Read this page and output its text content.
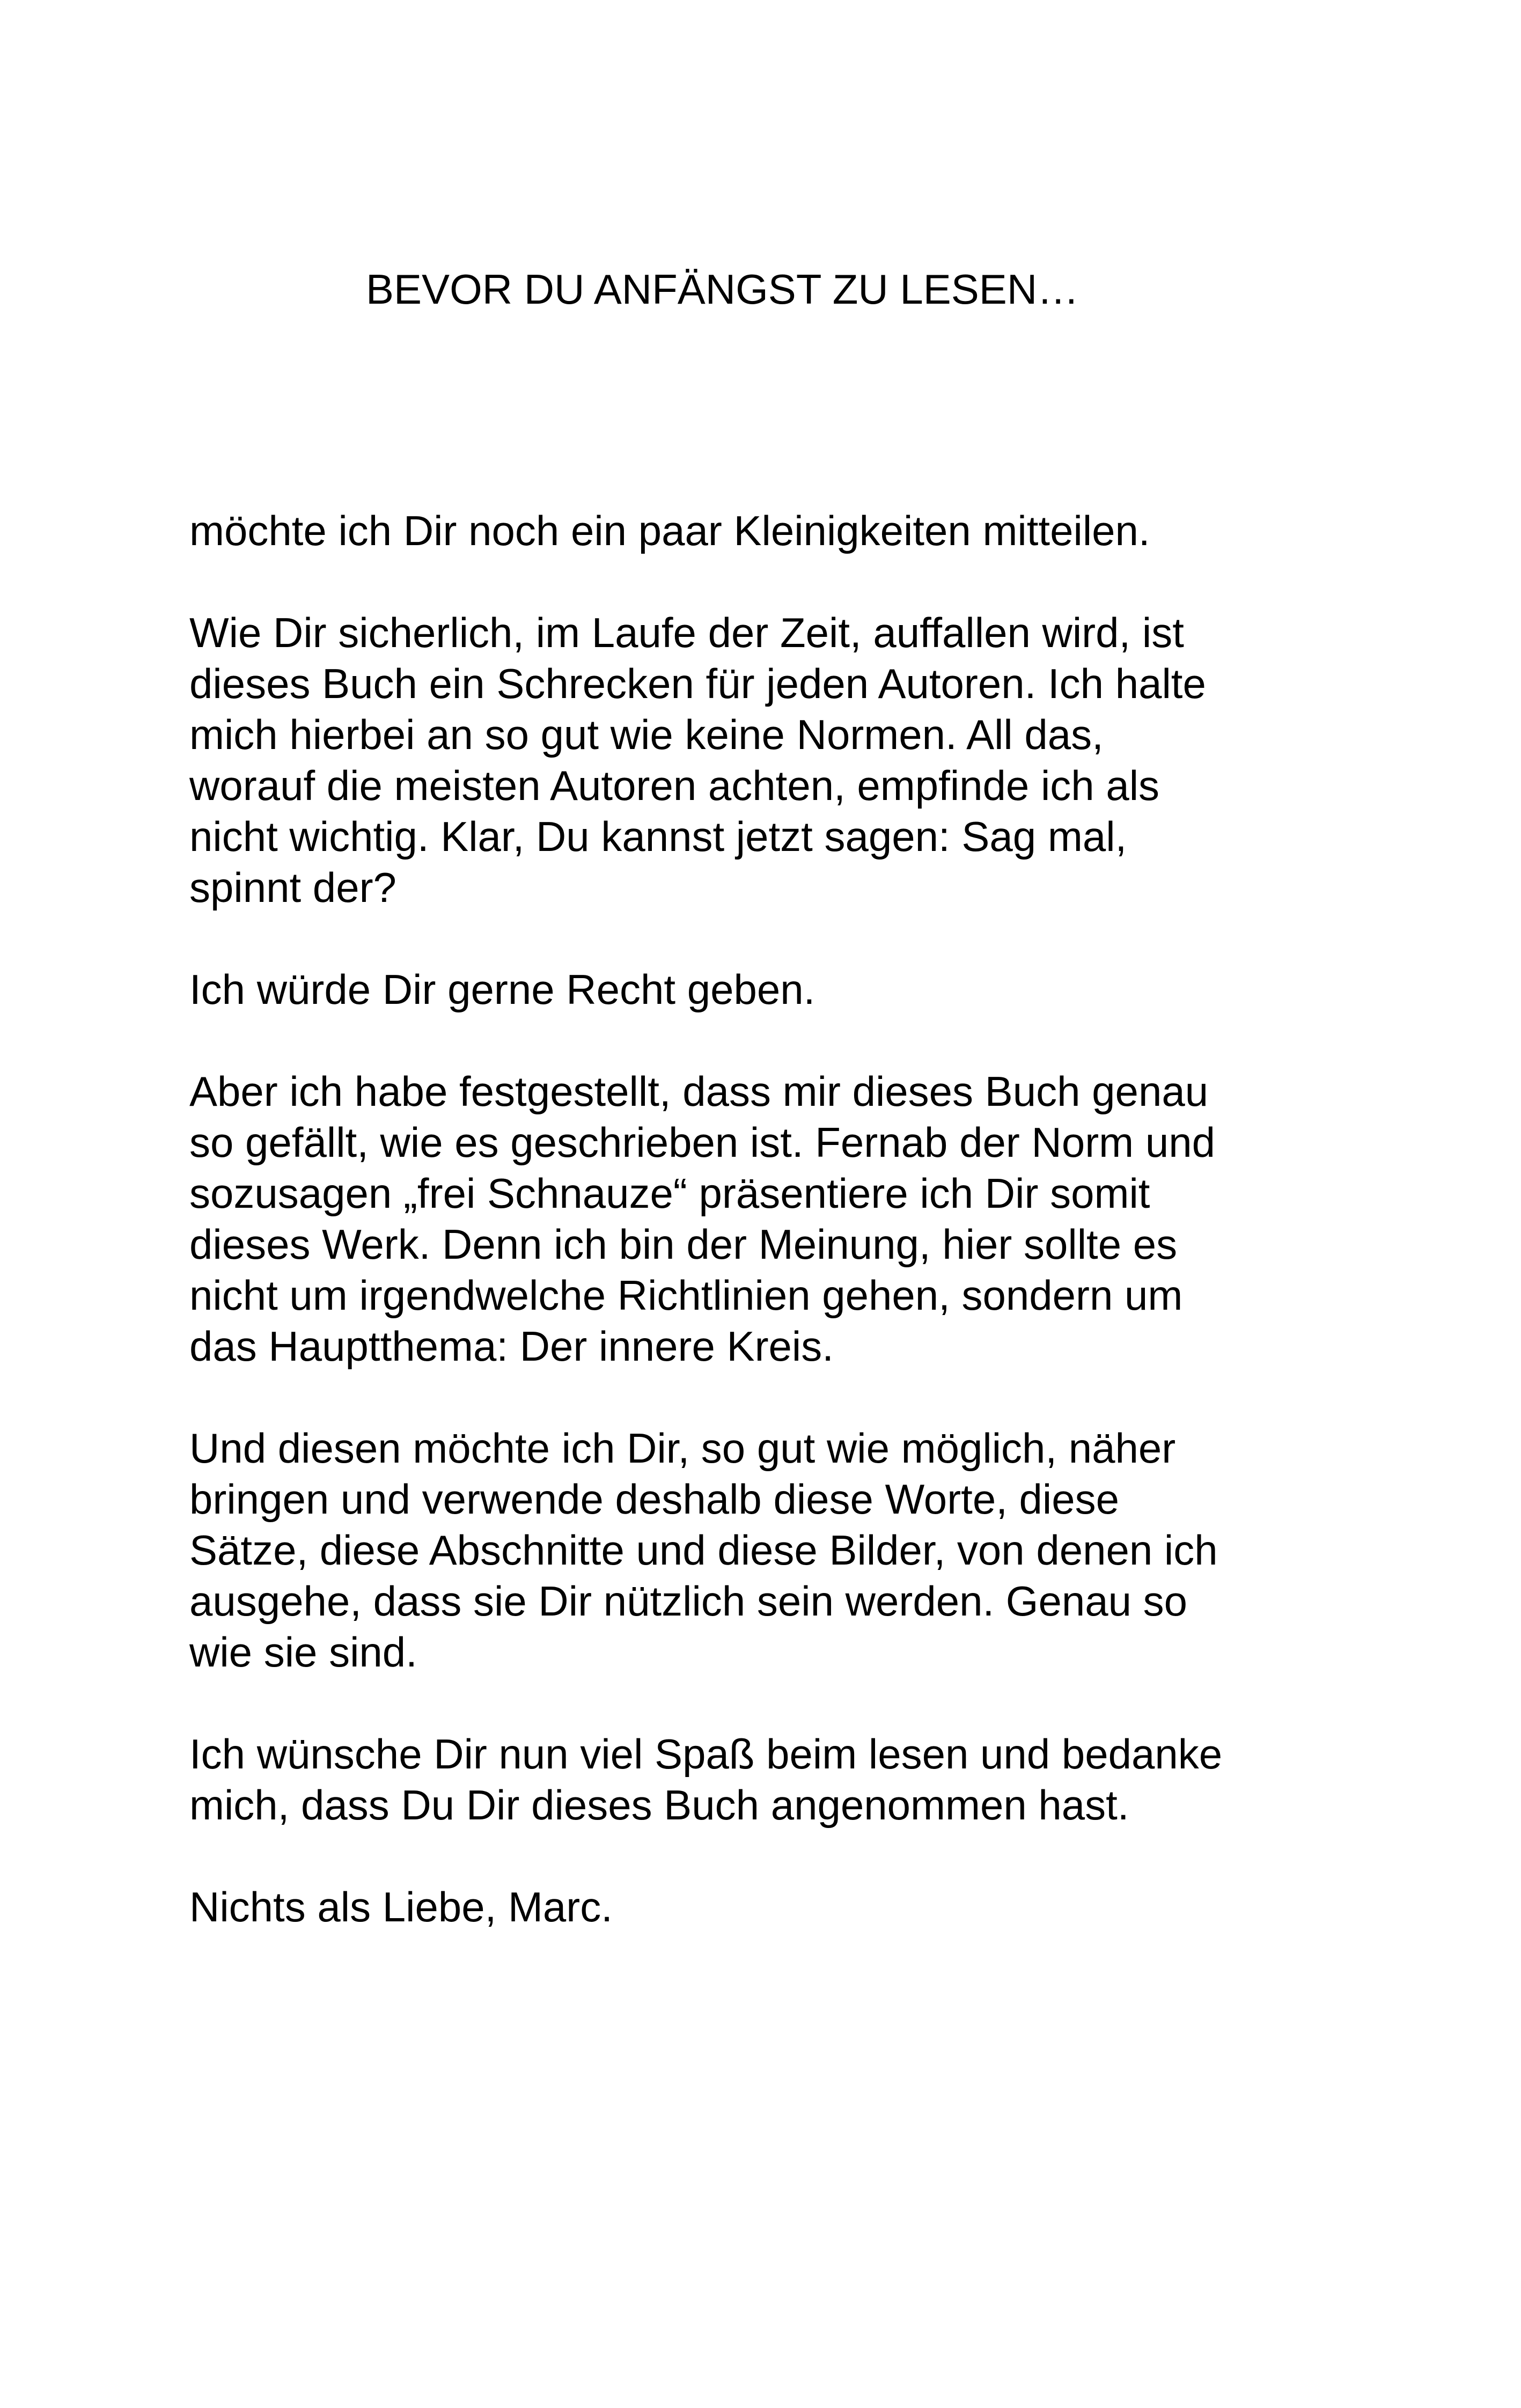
BEVOR DU ANFÄNGST ZU LESEN…

möchte ich Dir noch ein paar Kleinigkeiten mitteilen.

Wie Dir sicherlich, im Laufe der Zeit, auffallen wird, ist
dieses Buch ein Schrecken für jeden Autoren. Ich halte
mich hierbei an so gut wie keine Normen. All das,
worauf die meisten Autoren achten, empfinde ich als
nicht wichtig. Klar, Du kannst jetzt sagen: Sag mal,
spinnt der?

Ich würde Dir gerne Recht geben.

Aber ich habe festgestellt, dass mir dieses Buch genau
so gefällt, wie es geschrieben ist. Fernab der Norm und
sozusagen „frei Schnauze“ präsentiere ich Dir somit
dieses Werk. Denn ich bin der Meinung, hier sollte es
nicht um irgendwelche Richtlinien gehen, sondern um
das Hauptthema: Der innere Kreis.

Und diesen möchte ich Dir, so gut wie möglich, näher
bringen und verwende deshalb diese Worte, diese
Sätze, diese Abschnitte und diese Bilder, von denen ich
ausgehe, dass sie Dir nützlich sein werden. Genau so
wie sie sind.

Ich wünsche Dir nun viel Spaß beim lesen und bedanke
mich, dass Du Dir dieses Buch angenommen hast.

Nichts als Liebe, Marc.
